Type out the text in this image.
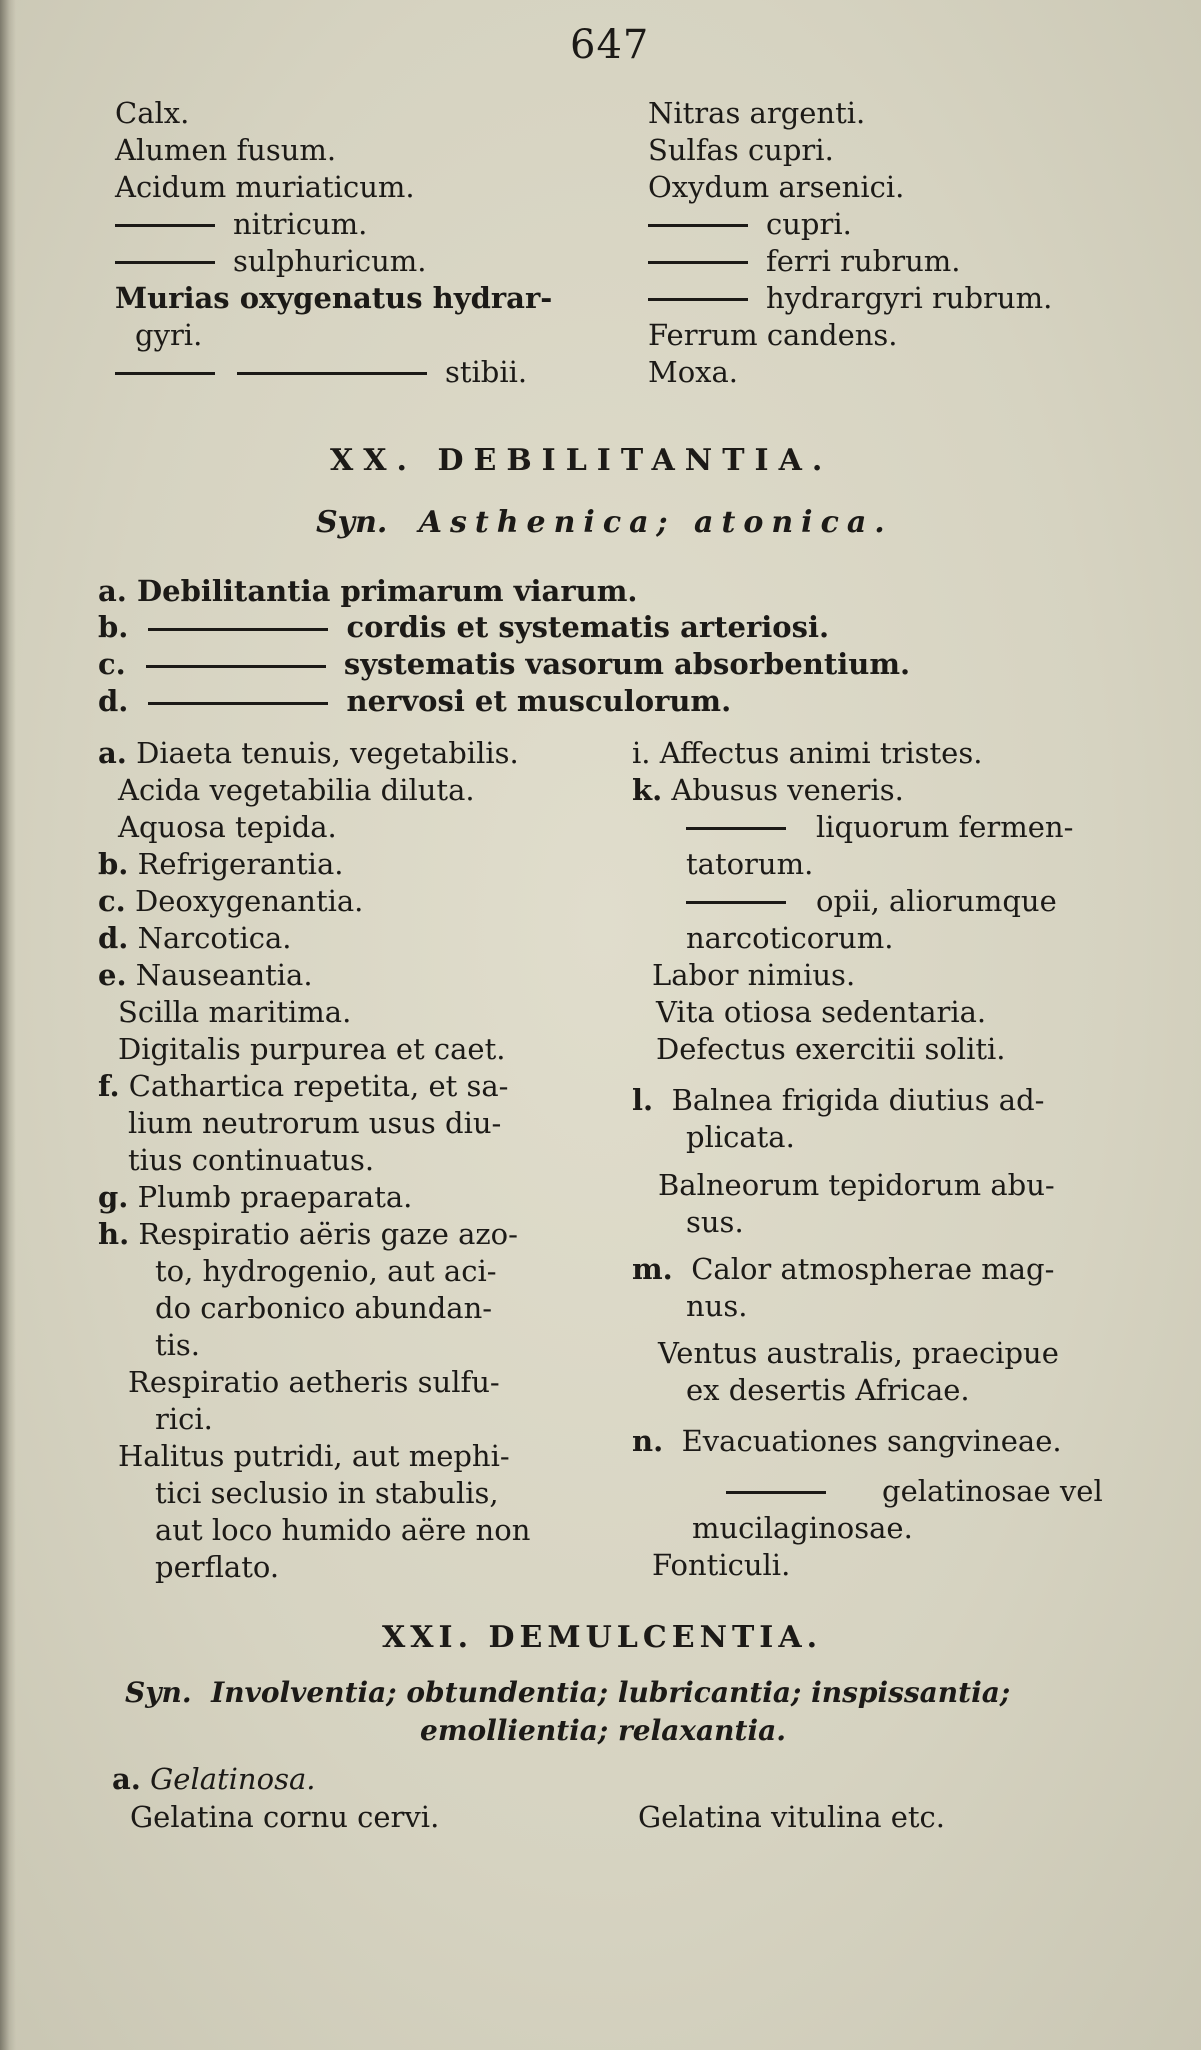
647
Calx.
Alumen fusum.
Acidum muriaticum.
nitricum.
sulphuricum.
Murias oxygenatus hydrar-
gyri.
stibii.
Nitras argenti.
Sulfas cupri.
Oxydum arsenici.
cupri.
ferri rubrum.
hydrargyri rubrum.
Ferrum candens.
Moxa.
XX. DEBILITANTIA.
Syn. Asthenica; atonica.
a. Debilitantia primarum viarum.
b.	cordis et systematis arteriosi.
c.	systematis vasorum absorbentium.
d.	nervosi et musculorum.
a. Diaeta tenuis, vegetabilis.
Acida vegetabilia diluta.
Aquosa tepida.
b. Refrigerantia.
c. Deoxygenantia.
d. Narcotica.
e. Nauseantia.
Scilla maritima.
Digitalis purpurea et caet.
f. Cathartica repetita, et sa-
lium neutrorum usus diu-
tius continuatus.
g. Plumb praeparata.
h. Respiratio aëris gaze azo-
to, hydrogenio, aut aci-
do carbonico abundan-
tis.
Respiratio aetheris sulfu-
rici.
Halitus putridi, aut mephi-
tici seclusio in stabulis,
aut loco humido aëre non
perflato.
i. Affectus animi tristes.
k. Abusus veneris.
liquorum fermen-
tatorum.
opii, aliorumque
narcoticorum.
Labor nimius.
Vita otiosa sedentaria.
Defectus exercitii soliti.
l. Balnea frigida diutius ad-
plicata.
Balneorum tepidorum abu-
sus.
m. Calor atmospherae mag-
nus.
Ventus australis, praecipue
ex desertis Africae.
n. Evacuationes sangvineae.
gelatinosae vel
mucilaginosae.
Fonticuli.
XXI. DEMULCENTIA.
Syn. Involventia; obtundentia; lubricantia; inspissantia;
emollientia; relaxantia.
a. Gelatinosa.
Gelatina cornu cervi.	Gelatina vitulina etc.
